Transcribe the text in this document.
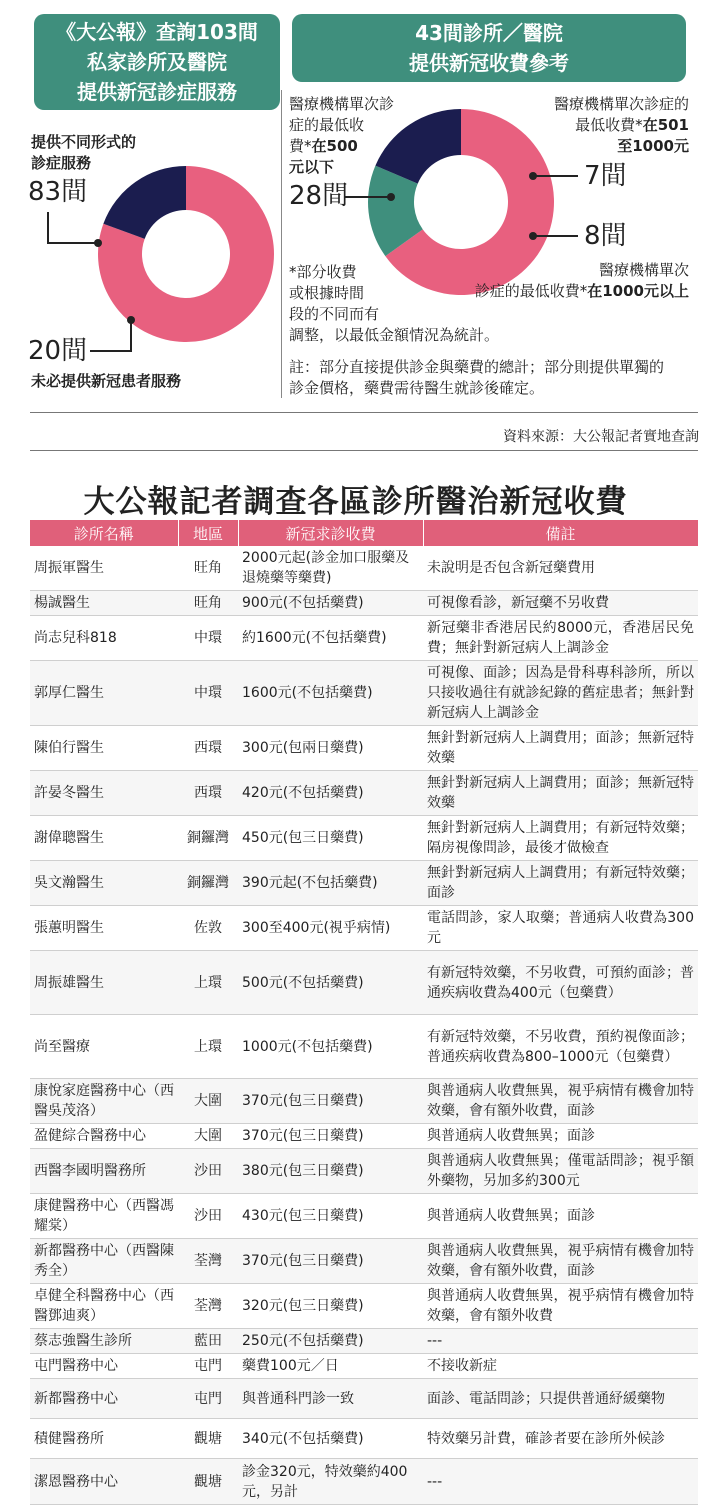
《大公報》查詢103間
私家診所及醫院
提供新冠診症服務
43間診所／醫院
提供新冠收費參考
提供不同形式的
診症服務
83間
20間
未必提供新冠患者服務
醫療機構單次診
症的最低收
費*在500
元以下
28間
醫療機構單次診症的
最低收費*在501
至1000元
7間
8間
醫療機構單次
診症的最低收費*在1000元以上
*部分收費
或根據時間
段的不同而有
調整，以最低金額情況為統計。
註：部分直接提供診金與藥費的總計；部分則提供單獨的
診金價格，藥費需待醫生就診後確定。
資料來源：大公報記者實地查詢
大公報記者調查各區診所醫治新冠收費
診所名稱	地區	新冠求診收費	備註
周振軍醫生	旺角	2000元起(診金加口服藥及退燒藥等藥費)	未說明是否包含新冠藥費用
楊誠醫生	旺角	900元(不包括藥費)	可視像看診，新冠藥不另收費
尚志兒科818	中環	約1600元(不包括藥費)	新冠藥非香港居民約8000元，香港居民免費；無針對新冠病人上調診金
郭厚仁醫生	中環	1600元(不包括藥費)	可視像、面診；因為是骨科專科診所，所以只接收過往有就診紀錄的舊症患者；無針對新冠病人上調診金
陳伯行醫生	西環	300元(包兩日藥費)	無針對新冠病人上調費用；面診；無新冠特效藥
許晏冬醫生	西環	420元(不包括藥費)	無針對新冠病人上調費用；面診；無新冠特效藥
謝偉聰醫生	銅鑼灣	450元(包三日藥費)	無針對新冠病人上調費用；有新冠特效藥；隔房視像問診，最後才做檢查
吳文瀚醫生	銅鑼灣	390元起(不包括藥費)	無針對新冠病人上調費用；有新冠特效藥；面診
張蕙明醫生	佐敦	300至400元(視乎病情)	電話問診，家人取藥；普通病人收費為300元
周振雄醫生	上環	500元(不包括藥費)	有新冠特效藥，不另收費，可預約面診；普通疾病收費為400元（包藥費）
尚至醫療	上環	1000元(不包括藥費)	有新冠特效藥，不另收費，預約視像面診；普通疾病收費為800–1000元（包藥費）
康悅家庭醫務中心（西醫吳茂洛）	大圍	370元(包三日藥費)	與普通病人收費無異，視乎病情有機會加特效藥，會有額外收費，面診
盈健綜合醫務中心	大圍	370元(包三日藥費)	與普通病人收費無異；面診
西醫李國明醫務所	沙田	380元(包三日藥費)	與普通病人收費無異；僅電話問診；視乎額外藥物，另加多約300元
康健醫務中心（西醫馮耀棠）	沙田	430元(包三日藥費)	與普通病人收費無異；面診
新都醫務中心（西醫陳秀全）	荃灣	370元(包三日藥費)	與普通病人收費無異，視乎病情有機會加特效藥，會有額外收費，面診
卓健全科醫務中心（西醫鄧迪爽）	荃灣	320元(包三日藥費)	與普通病人收費無異，視乎病情有機會加特效藥，會有額外收費
蔡志強醫生診所	藍田	250元(不包括藥費)	---
屯門醫務中心	屯門	藥費100元／日	不接收新症
新都醫務中心	屯門	與普通科門診一致	面診、電話問診；只提供普通紓緩藥物
積健醫務所	觀塘	340元(不包括藥費)	特效藥另計費，確診者要在診所外候診
潔恩醫務中心	觀塘	診金320元，特效藥約400元，另計	---
